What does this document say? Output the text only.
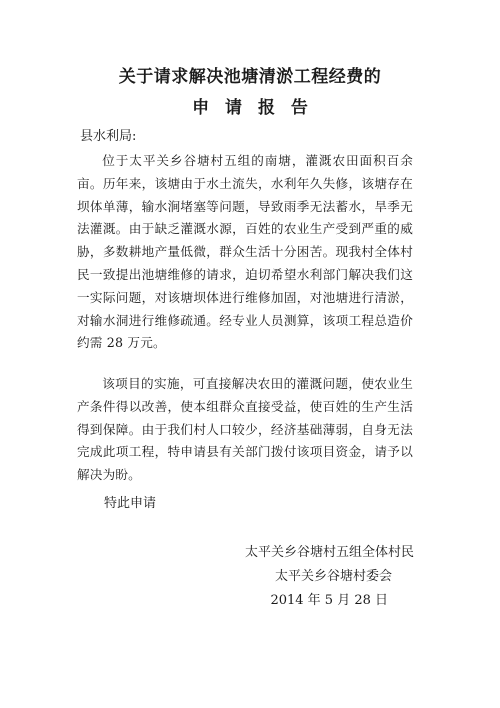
关于请求解决池塘清淤工程经费的
申 请 报 告
县水利局:
位于太平关乡谷塘村五组的南塘，灌溉农田面积百余亩。历年来，该塘由于水土流失，水利年久失修，该塘存在坝体单薄，输水涧堵塞等问题，导致雨季无法蓄水，旱季无法灌溉。由于缺乏灌溉水源，百姓的农业生产受到严重的威胁，多数耕地产量低微，群众生活十分困苦。现我村全体村民一致提出池塘维修的请求，迫切希望水利部门解决我们这一实际问题，对该塘坝体进行维修加固，对池塘进行清淤，对输水洞进行维修疏通。经专业人员测算，该项工程总造价约需 28 万元。
该项目的实施，可直接解决农田的灌溉问题，使农业生产条件得以改善，使本组群众直接受益，使百姓的生产生活得到保障。由于我们村人口较少，经济基础薄弱，自身无法完成此项工程，特申请县有关部门拨付该项目资金，请予以解决为盼。
特此申请
太平关乡谷塘村五组全体村民
太平关乡谷塘村委会
2014 年 5 月 28 日
